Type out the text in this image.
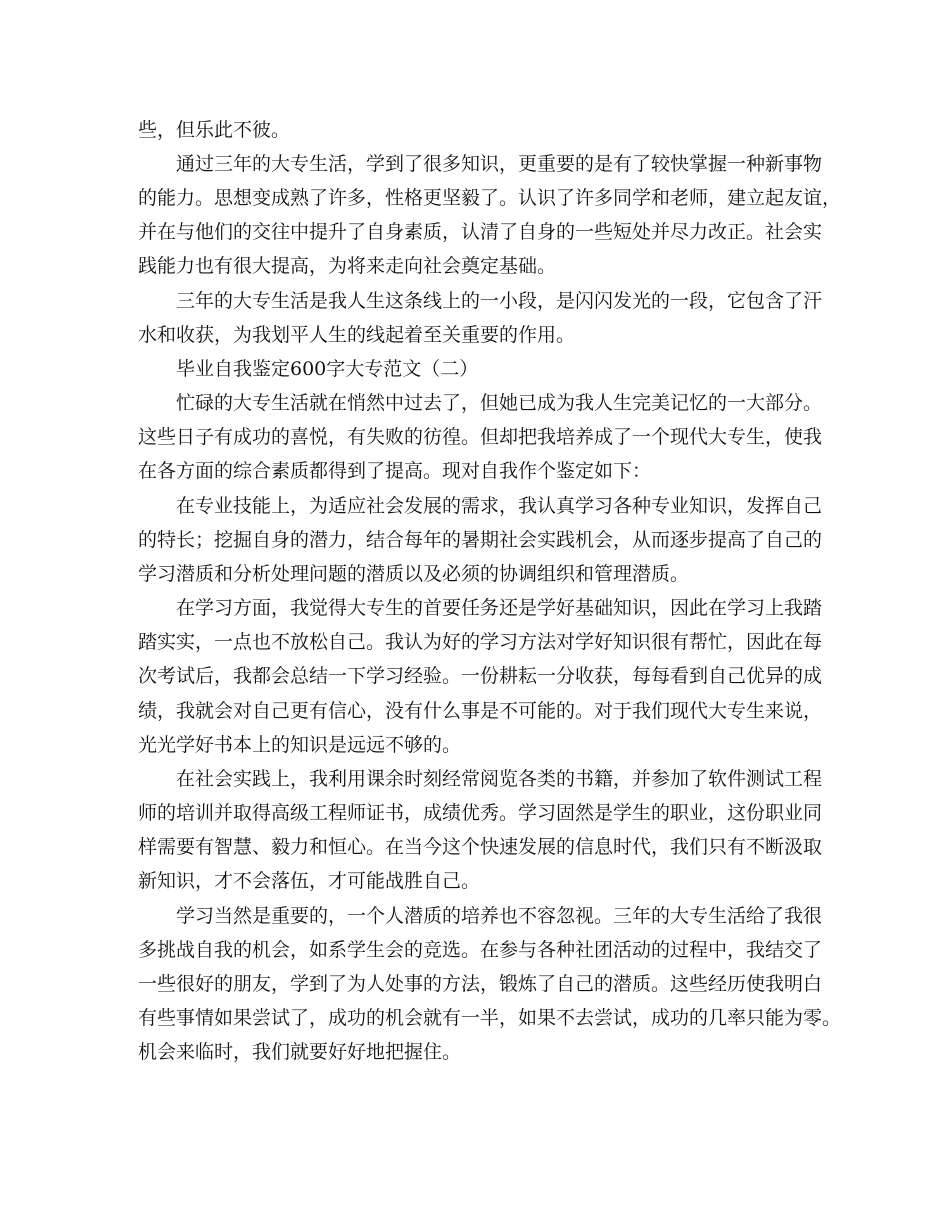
些，但乐此不彼。
通过三年的大专生活，学到了很多知识，更重要的是有了较快掌握一种新事物
的能力。思想变成熟了许多，性格更坚毅了。认识了许多同学和老师，建立起友谊，
并在与他们的交往中提升了自身素质，认清了自身的一些短处并尽力改正。社会实
践能力也有很大提高，为将来走向社会奠定基础。
三年的大专生活是我人生这条线上的一小段，是闪闪发光的一段，它包含了汗
水和收获，为我划平人生的线起着至关重要的作用。
毕业自我鉴定600字大专范文（二）
忙碌的大专生活就在悄然中过去了，但她已成为我人生完美记忆的一大部分。
这些日子有成功的喜悦，有失败的彷徨。但却把我培养成了一个现代大专生，使我
在各方面的综合素质都得到了提高。现对自我作个鉴定如下：
在专业技能上，为适应社会发展的需求，我认真学习各种专业知识，发挥自己
的特长；挖掘自身的潜力，结合每年的暑期社会实践机会，从而逐步提高了自己的
学习潜质和分析处理问题的潜质以及必须的协调组织和管理潜质。
在学习方面，我觉得大专生的首要任务还是学好基础知识，因此在学习上我踏
踏实实，一点也不放松自己。我认为好的学习方法对学好知识很有帮忙，因此在每
次考试后，我都会总结一下学习经验。一份耕耘一分收获，每每看到自己优异的成
绩，我就会对自己更有信心，没有什么事是不可能的。对于我们现代大专生来说，
光光学好书本上的知识是远远不够的。
在社会实践上，我利用课余时刻经常阅览各类的书籍，并参加了软件测试工程
师的培训并取得高级工程师证书，成绩优秀。学习固然是学生的职业，这份职业同
样需要有智慧、毅力和恒心。在当今这个快速发展的信息时代，我们只有不断汲取
新知识，才不会落伍，才可能战胜自己。
学习当然是重要的，一个人潜质的培养也不容忽视。三年的大专生活给了我很
多挑战自我的机会，如系学生会的竞选。在参与各种社团活动的过程中，我结交了
一些很好的朋友，学到了为人处事的方法，锻炼了自己的潜质。这些经历使我明白
有些事情如果尝试了，成功的机会就有一半，如果不去尝试，成功的几率只能为零。
机会来临时，我们就要好好地把握住。
